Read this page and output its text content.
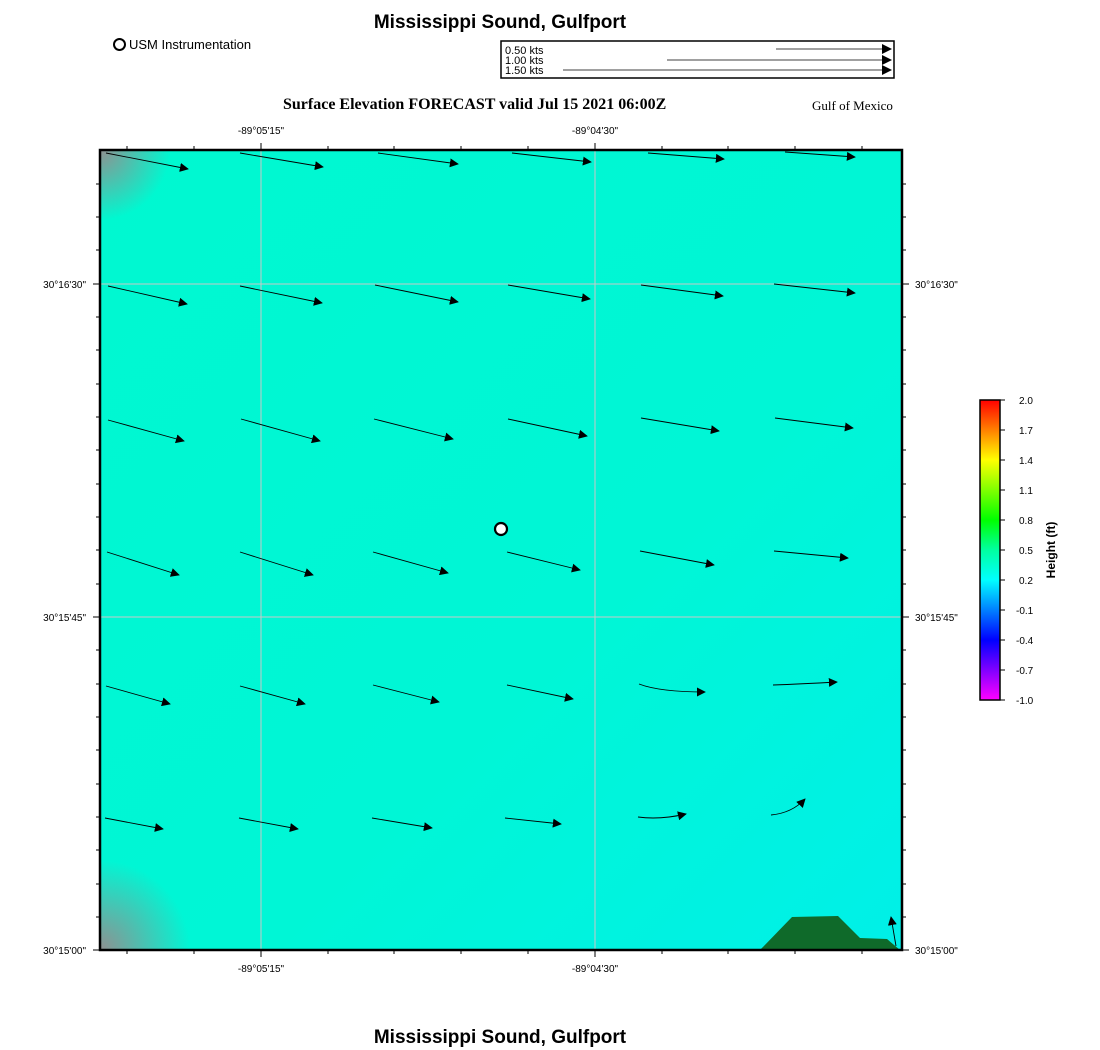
Mississippi Sound, Gulfport
USM Instrumentation	0.50 kts
1.00 kts
1.50 kts
-89°05'15"	-89°04'30"
-89°05'15"	-89°04'30"
30°16'30"
30°15'45"
30°15'00"
30°16'30"
30°15'45"
30°15'00"
2.0
1.7
1.4
1.1
0.8
0.5
0.2
-0.1
-0.4
-0.7
-1.0
Height (ft)
Surface Elevation FORECAST valid Jul 15 2021 06:00Z	Gulf of Mexico
Mississippi Sound, Gulfport
